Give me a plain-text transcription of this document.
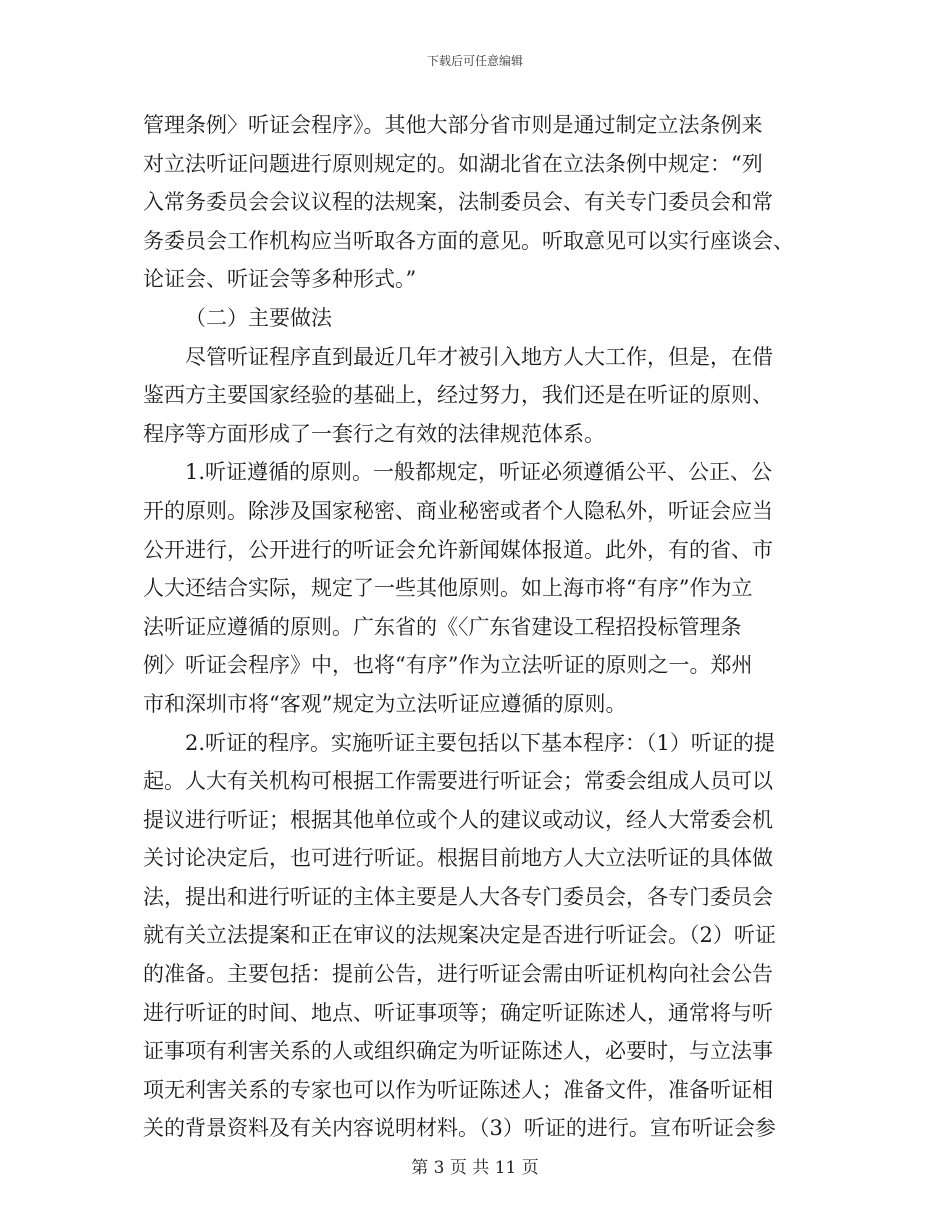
下载后可任意编辑
管理条例〉听证会程序》。其他大部分省市则是通过制定立法条例来
对立法听证问题进行原则规定的。如湖北省在立法条例中规定：“列
入常务委员会会议议程的法规案，法制委员会、有关专门委员会和常
务委员会工作机构应当听取各方面的意见。听取意见可以实行座谈会、
论证会、听证会等多种形式。”
（二）主要做法
尽管听证程序直到最近几年才被引入地方人大工作，但是，在借
鉴西方主要国家经验的基础上，经过努力，我们还是在听证的原则、
程序等方面形成了一套行之有效的法律规范体系。
1.听证遵循的原则。一般都规定，听证必须遵循公平、公正、公
开的原则。除涉及国家秘密、商业秘密或者个人隐私外，听证会应当
公开进行，公开进行的听证会允许新闻媒体报道。此外，有的省、市
人大还结合实际，规定了一些其他原则。如上海市将“有序”作为立
法听证应遵循的原则。广东省的《〈广东省建设工程招投标管理条
例〉听证会程序》中，也将“有序”作为立法听证的原则之一。郑州
市和深圳市将“客观”规定为立法听证应遵循的原则。
2.听证的程序。实施听证主要包括以下基本程序：（1）听证的提
起。人大有关机构可根据工作需要进行听证会；常委会组成人员可以
提议进行听证；根据其他单位或个人的建议或动议，经人大常委会机
关讨论决定后，也可进行听证。根据目前地方人大立法听证的具体做
法，提出和进行听证的主体主要是人大各专门委员会，各专门委员会
就有关立法提案和正在审议的法规案决定是否进行听证会。（2）听证
的准备。主要包括：提前公告，进行听证会需由听证机构向社会公告
进行听证的时间、地点、听证事项等；确定听证陈述人，通常将与听
证事项有利害关系的人或组织确定为听证陈述人，必要时，与立法事
项无利害关系的专家也可以作为听证陈述人；准备文件，准备听证相
关的背景资料及有关内容说明材料。（3）听证的进行。宣布听证会参
第 3 页 共 11 页
